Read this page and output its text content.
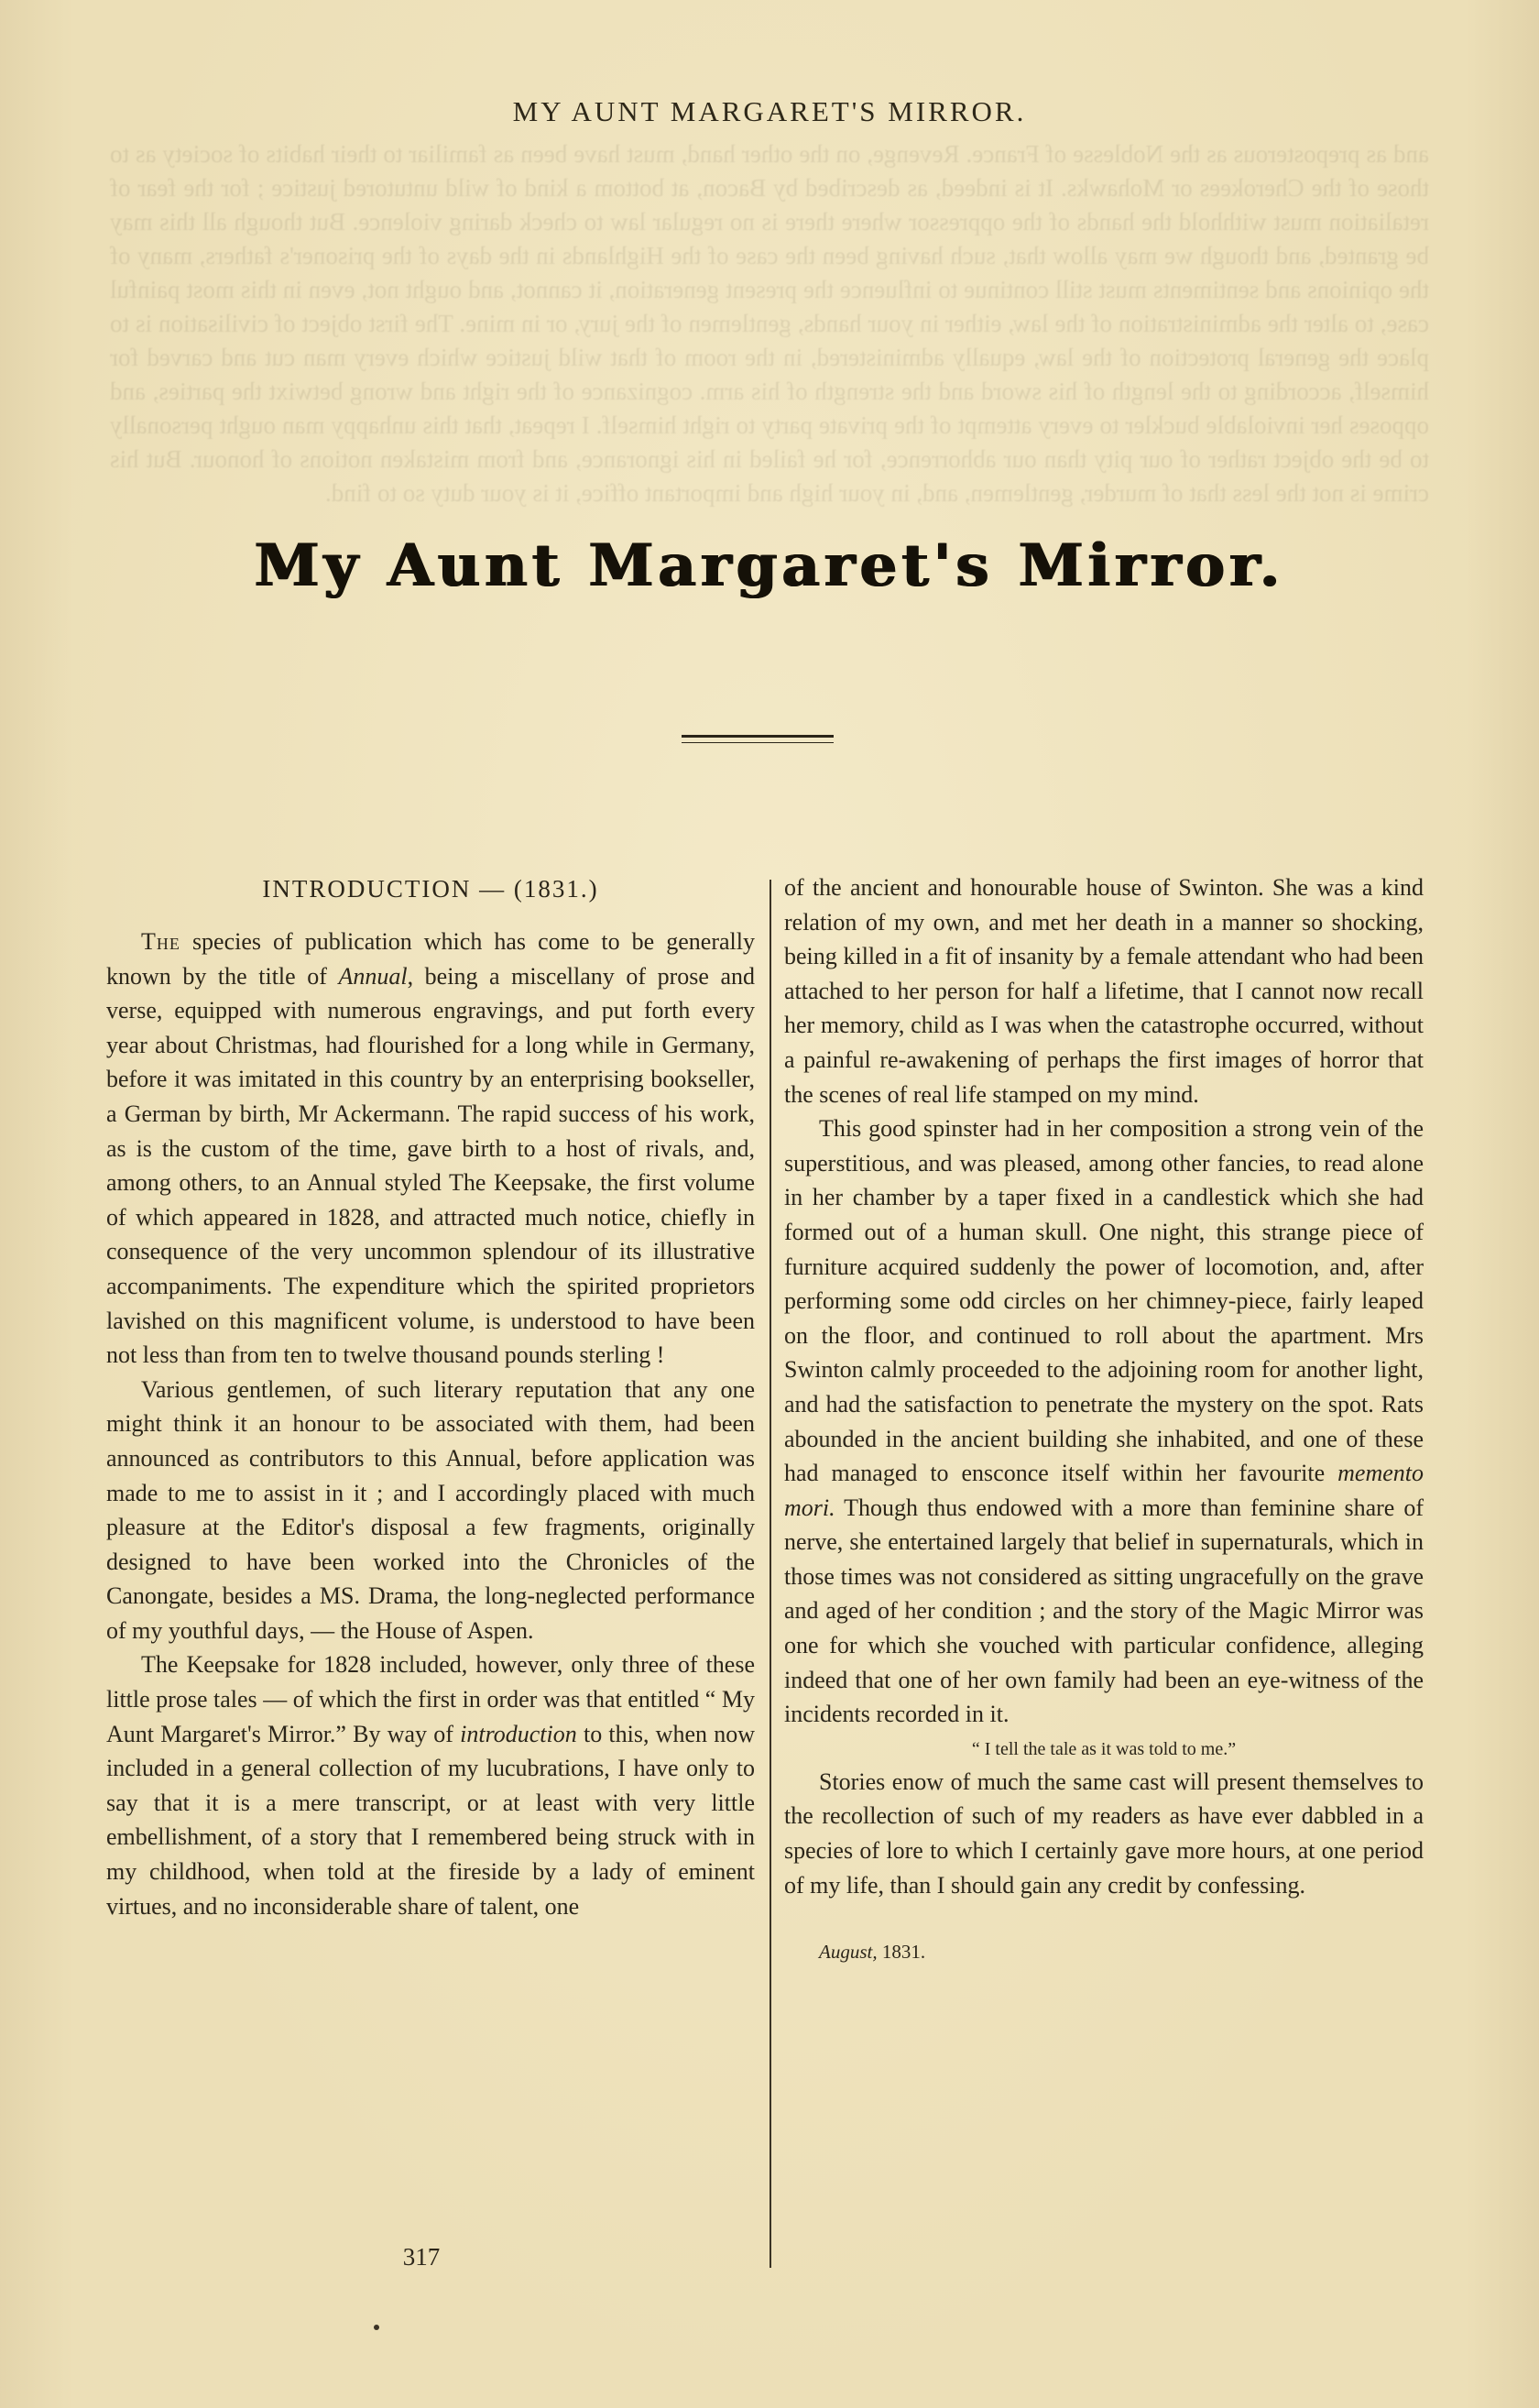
and as preposterous as the Noblesse of France. Revenge, on the other hand, must have been as familiar to their habits of society as to those of the Cherokees or Mohawks. It is indeed, as described by Bacon, at bottom a kind of wild untutored justice ; for the fear of retaliation must withhold the hands of the oppressor where there is no regular law to check daring violence. But though all this may be granted, and though we may allow that, such having been the case of the Highlands in the days of the prisoner's fathers, many of the opinions and sentiments must still continue to influence the present generation, it cannot, and ought not, even in this most painful case, to alter the administration of the law, either in your hands, gentlemen of the jury, or in mine. The first object of civilisation is to place the general protection of the law, equally administered, in the room of that wild justice which every man cut and carved for himself, according to the length of his sword and the strength of his arm. cognizance of the right and wrong betwixt the parties, and opposes her inviolable buckler to every attempt of the private party to right himself. I repeat, that this unhappy man ought personally to be the object rather of our pity than our abhorrence, for he failed in his ignorance, and from mistaken notions of honour. But his crime is not the less that of murder, gentlemen, and, in your high and important office, it is your duty so to find.
MY AUNT MARGARET'S MIRROR.
My Aunt Margaret's Mirror.
INTRODUCTION — (1831.)

The species of publication which has come to be generally known by the title of Annual, being a miscellany of prose and verse, equipped with numerous engravings, and put forth every year about Christmas, had flourished for a long while in Germany, before it was imitated in this country by an enterprising bookseller, a German by birth, Mr Ackermann. The rapid success of his work, as is the custom of the time, gave birth to a host of rivals, and, among others, to an Annual styled The Keepsake, the first volume of which appeared in 1828, and attracted much notice, chiefly in consequence of the very uncommon splendour of its illustrative accompaniments. The expenditure which the spirited proprietors lavished on this magnificent volume, is understood to have been not less than from ten to twelve thousand pounds sterling !

Various gentlemen, of such literary reputation that any one might think it an honour to be associated with them, had been announced as contributors to this Annual, before application was made to me to assist in it ; and I accordingly placed with much pleasure at the Editor's disposal a few fragments, originally designed to have been worked into the Chronicles of the Canongate, besides a MS. Drama, the long-neglected performance of my youthful days, — the House of Aspen.

The Keepsake for 1828 included, however, only three of these little prose tales — of which the first in order was that entitled “ My Aunt Margaret's Mirror.” By way of introduction to this, when now included in a general collection of my lucubrations, I have only to say that it is a mere transcript, or at least with very little embellishment, of a story that I remembered being struck with in my childhood, when told at the fireside by a lady of eminent virtues, and no inconsiderable share of talent, one

of the ancient and honourable house of Swinton. She was a kind relation of my own, and met her death in a manner so shocking, being killed in a fit of insanity by a female attendant who had been attached to her person for half a lifetime, that I cannot now recall her memory, child as I was when the catastrophe occurred, without a painful re-awakening of perhaps the first images of horror that the scenes of real life stamped on my mind.

This good spinster had in her composition a strong vein of the superstitious, and was pleased, among other fancies, to read alone in her chamber by a taper fixed in a candlestick which she had formed out of a human skull. One night, this strange piece of furniture acquired suddenly the power of locomotion, and, after performing some odd circles on her chimney-piece, fairly leaped on the floor, and continued to roll about the apartment. Mrs Swinton calmly proceeded to the adjoining room for another light, and had the satisfaction to penetrate the mystery on the spot. Rats abounded in the ancient building she inhabited, and one of these had managed to ensconce itself within her favourite memento mori. Though thus endowed with a more than feminine share of nerve, she entertained largely that belief in supernaturals, which in those times was not considered as sitting ungracefully on the grave and aged of her condition ; and the story of the Magic Mirror was one for which she vouched with particular confidence, alleging indeed that one of her own family had been an eye-witness of the incidents recorded in it.

“ I tell the tale as it was told to me.”

Stories enow of much the same cast will present themselves to the recollection of such of my readers as have ever dabbled in a species of lore to which I certainly gave more hours, at one period of my life, than I should gain any credit by confessing.

August, 1831.
317
